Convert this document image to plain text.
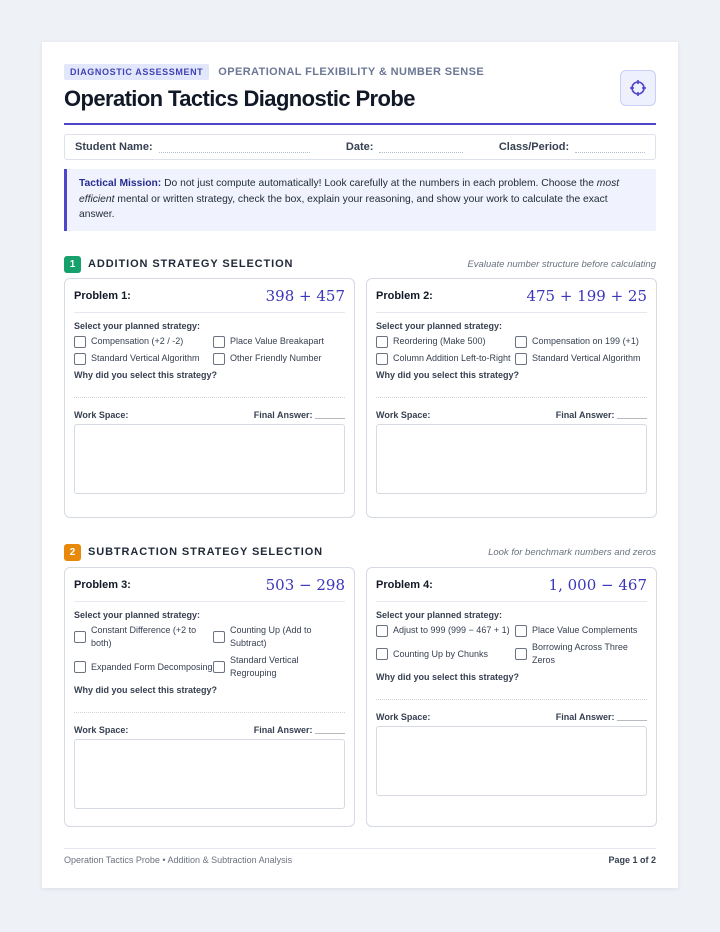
DIAGNOSTIC ASSESSMENT	OPERATIONAL FLEXIBILITY & NUMBER SENSE
Operation Tactics Diagnostic Probe
Student Name:	Date:	Class/Period:
Tactical Mission: Do not just compute automatically! Look carefully at the numbers in each problem. Choose the most efficient mental or written strategy, check the box, explain your reasoning, and show your work to calculate the exact answer.
1	ADDITION STRATEGY SELECTION	Evaluate number structure before calculating
Problem 1:	398 + 457
Select your planned strategy:
Compensation (+2 / -2)	Place Value Breakapart
Standard Vertical Algorithm	Other Friendly Number
Why did you select this strategy?
Work Space:	Final Answer: ______
Problem 2:	475 + 199 + 25
Select your planned strategy:
Reordering (Make 500)	Compensation on 199 (+1)
Column Addition Left-to-Right Standard Vertical Algorithm
Why did you select this strategy?
Work Space:	Final Answer: ______
2	SUBTRACTION STRATEGY SELECTION	Look for benchmark numbers and zeros
Problem 3:	503 − 298
Select your planned strategy:
Constant Difference (+2 to both)
Counting Up (Add to Subtract)
Expanded Form Decomposing
Standard Vertical Regrouping
Why did you select this strategy?
Work Space:	Final Answer: ______
Problem 4:	1, 000 − 467
Select your planned strategy:
Adjust to 999 (999 − 467 + 1) Place Value Complements
Counting Up by Chunks
Borrowing Across Three Zeros
Why did you select this strategy?
Work Space:	Final Answer: ______
Operation Tactics Probe • Addition & Subtraction Analysis	Page 1 of 2
